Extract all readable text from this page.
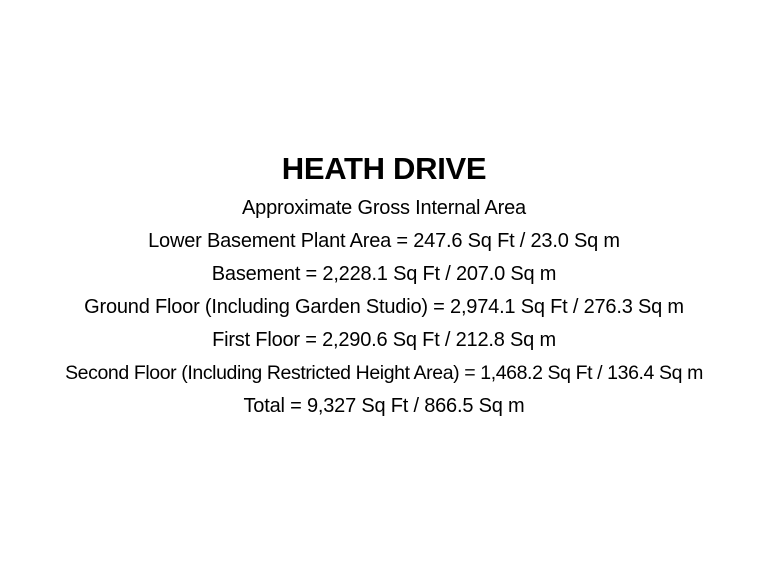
HEATH DRIVE
Approximate Gross Internal Area
Lower Basement Plant Area = 247.6 Sq Ft / 23.0 Sq m
Basement = 2,228.1 Sq Ft / 207.0 Sq m
Ground Floor (Including Garden Studio) = 2,974.1 Sq Ft / 276.3 Sq m
First Floor = 2,290.6 Sq Ft / 212.8 Sq m
Second Floor (Including Restricted Height Area) = 1,468.2 Sq Ft / 136.4 Sq m
Total = 9,327 Sq Ft / 866.5 Sq m
